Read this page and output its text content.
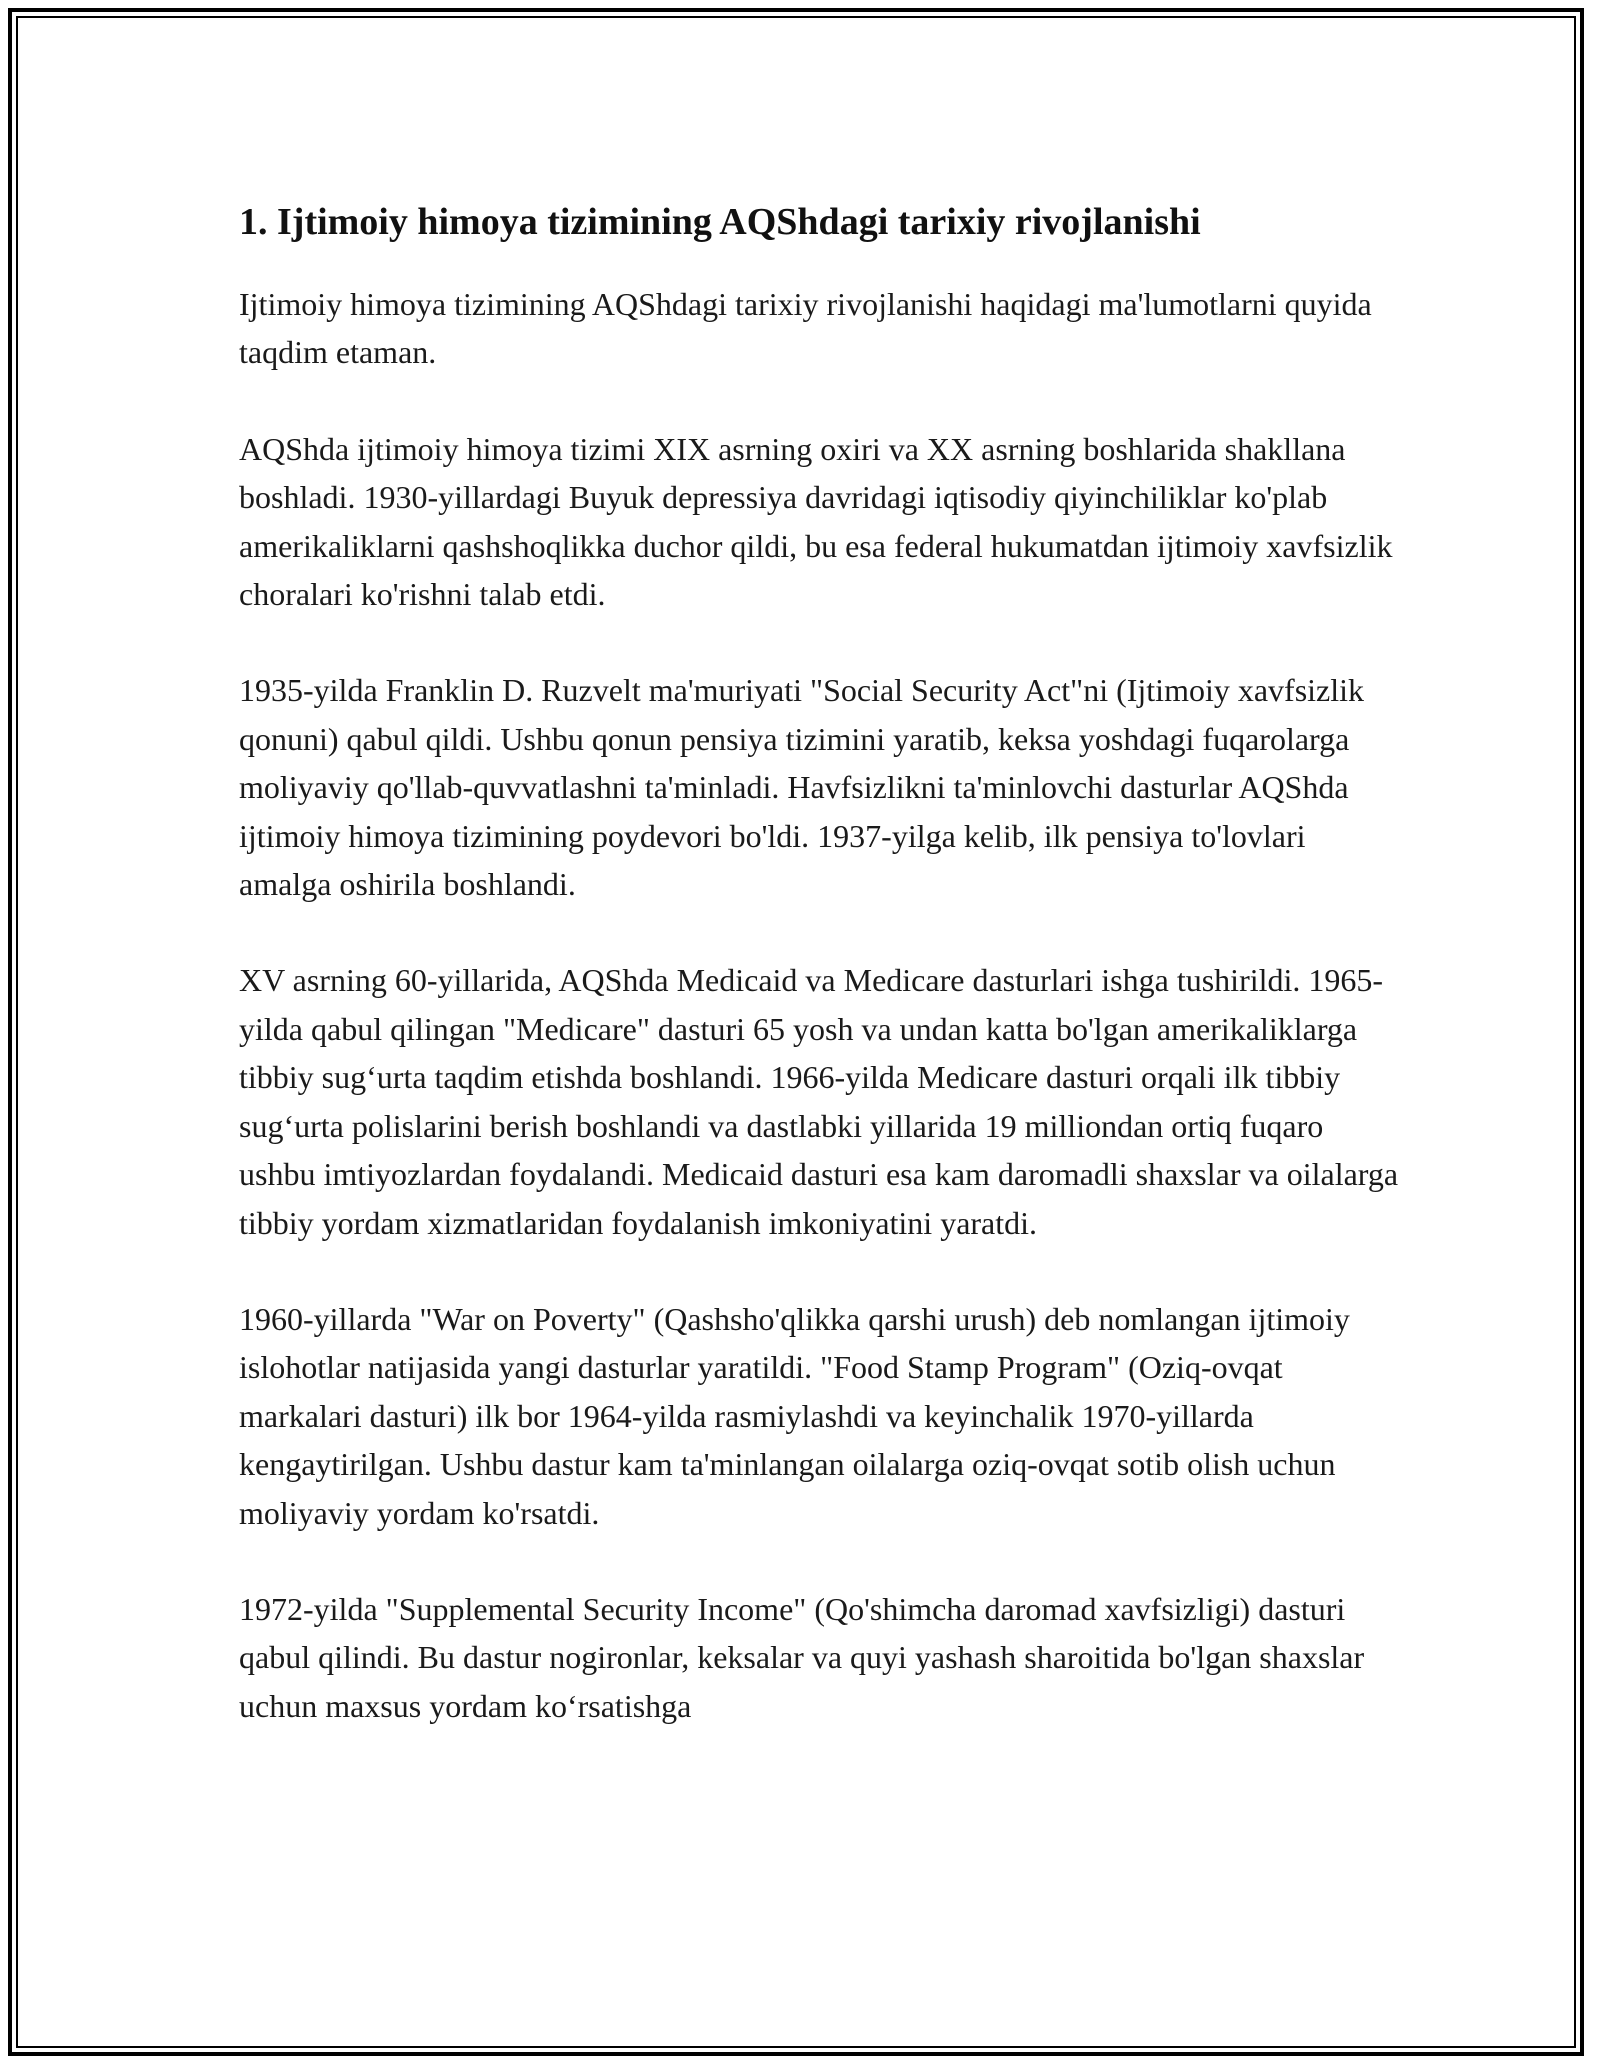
1. Ijtimoiy himoya tizimining AQShdagi tarixiy rivojlanishi

Ijtimoiy himoya tizimining AQShdagi tarixiy rivojlanishi haqidagi ma'lumotlarni quyida taqdim etaman.

AQShda ijtimoiy himoya tizimi XIX asrning oxiri va XX asrning boshlarida shakllana boshladi. 1930-yillardagi Buyuk depressiya davridagi iqtisodiy qiyinchiliklar ko'plab amerikaliklarni qashshoqlikka duchor qildi, bu esa federal hukumatdan ijtimoiy xavfsizlik choralari ko'rishni talab etdi.

1935-yilda Franklin D. Ruzvelt ma'muriyati "Social Security Act"ni (Ijtimoiy xavfsizlik qonuni) qabul qildi. Ushbu qonun pensiya tizimini yaratib, keksa yoshdagi fuqarolarga moliyaviy qo'llab-quvvatlashni ta'minladi. Havfsizlikni ta'minlovchi dasturlar AQShda ijtimoiy himoya tizimining poydevori bo'ldi. 1937-yilga kelib, ilk pensiya to'lovlari amalga oshirila boshlandi.

XV asrning 60-yillarida, AQShda Medicaid va Medicare dasturlari ishga tushirildi. 1965-yilda qabul qilingan "Medicare" dasturi 65 yosh va undan katta bo'lgan amerikaliklarga tibbiy sug‘urta taqdim etishda boshlandi. 1966-yilda Medicare dasturi orqali ilk tibbiy sug‘urta polislarini berish boshlandi va dastlabki yillarida 19 milliondan ortiq fuqaro ushbu imtiyozlardan foydalandi. Medicaid dasturi esa kam daromadli shaxslar va oilalarga tibbiy yordam xizmatlaridan foydalanish imkoniyatini yaratdi.

1960-yillarda "War on Poverty" (Qashsho'qlikka qarshi urush) deb nomlangan ijtimoiy islohotlar natijasida yangi dasturlar yaratildi. "Food Stamp Program" (Oziq-ovqat markalari dasturi) ilk bor 1964-yilda rasmiylashdi va keyinchalik 1970-yillarda kengaytirilgan. Ushbu dastur kam ta'minlangan oilalarga oziq-ovqat sotib olish uchun moliyaviy yordam ko'rsatdi.

1972-yilda "Supplemental Security Income" (Qo'shimcha daromad xavfsizligi) dasturi qabul qilindi. Bu dastur nogironlar, keksalar va quyi yashash sharoitida bo'lgan shaxslar uchun maxsus yordam ko‘rsatishga
